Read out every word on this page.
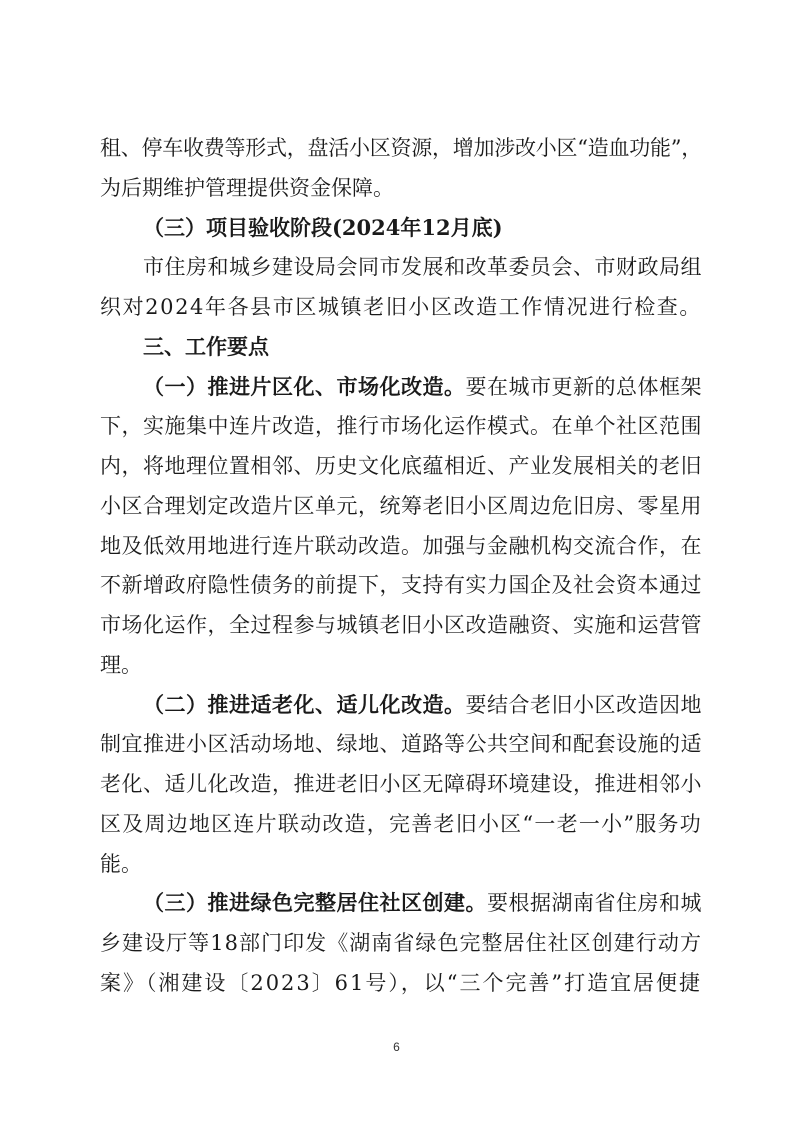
租、停车收费等形式，盘活小区资源，增加涉改小区“造血功能”，
为后期维护管理提供资金保障。
（三）项目验收阶段(2024年12月底)
市住房和城乡建设局会同市发展和改革委员会、市财政局组
织对2024年各县市区城镇老旧小区改造工作情况进行检查。
三、工作要点
（一）推进片区化、市场化改造。要在城市更新的总体框架
下，实施集中连片改造，推行市场化运作模式。在单个社区范围
内，将地理位置相邻、历史文化底蕴相近、产业发展相关的老旧
小区合理划定改造片区单元，统筹老旧小区周边危旧房、零星用
地及低效用地进行连片联动改造。加强与金融机构交流合作，在
不新增政府隐性债务的前提下，支持有实力国企及社会资本通过
市场化运作，全过程参与城镇老旧小区改造融资、实施和运营管
理。
（二）推进适老化、适儿化改造。要结合老旧小区改造因地
制宜推进小区活动场地、绿地、道路等公共空间和配套设施的适
老化、适儿化改造，推进老旧小区无障碍环境建设，推进相邻小
区及周边地区连片联动改造，完善老旧小区“一老一小”服务功
能。
（三）推进绿色完整居住社区创建。要根据湖南省住房和城
乡建设厅等18部门印发《湖南省绿色完整居住社区创建行动方
案》（湘建设〔2023〕61号），以“三个完善”打造宜居便捷
6
